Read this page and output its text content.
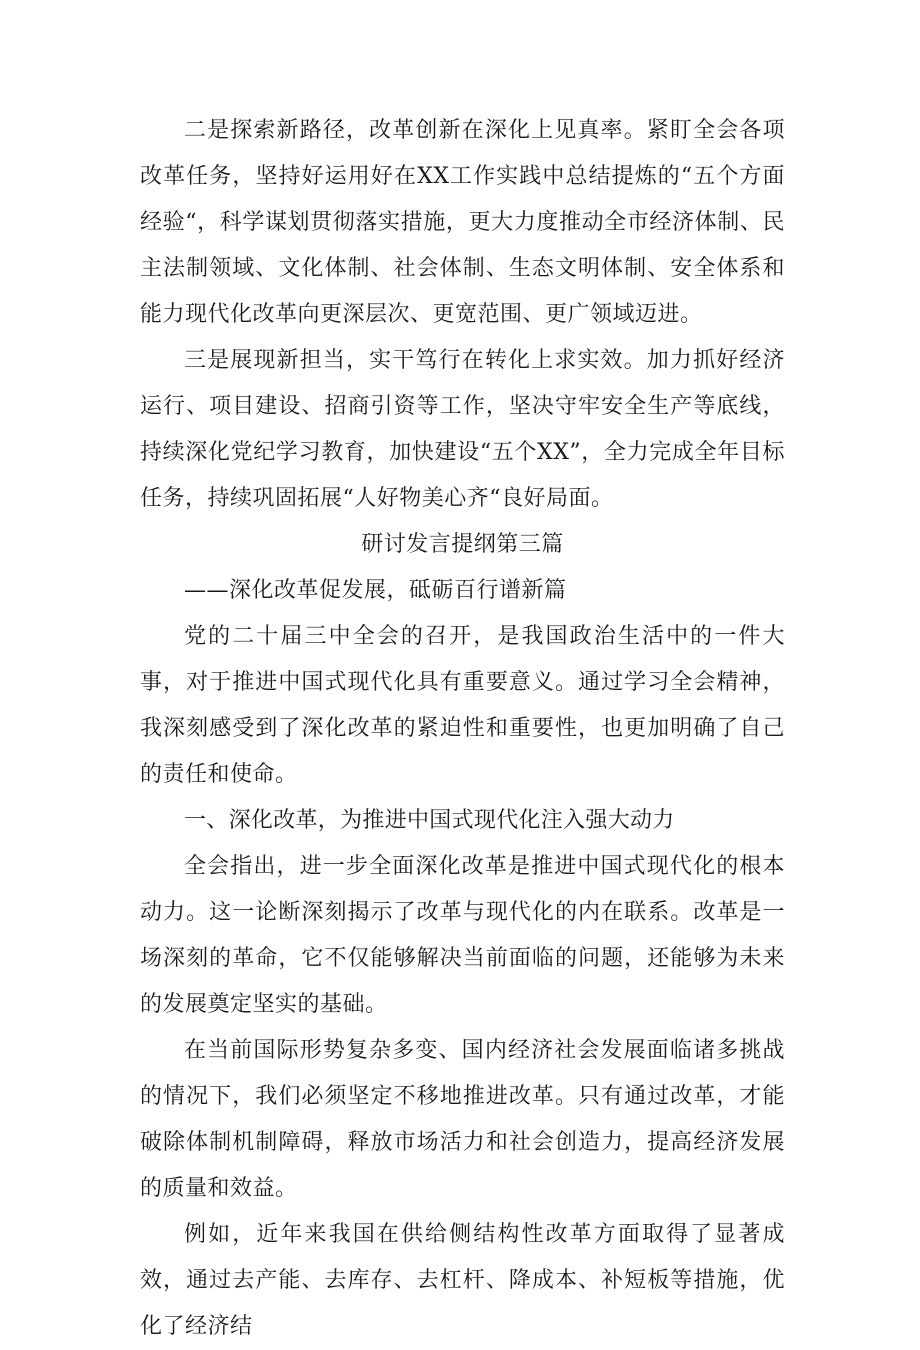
二是探索新路径，改革创新在深化上见真率。紧盯全会各项改革任务，坚持好运用好在XX工作实践中总结提炼的“五个方面经验“，科学谋划贯彻落实措施，更大力度推动全市经济体制、民主法制领域、文化体制、社会体制、生态文明体制、安全体系和能力现代化改革向更深层次、更宽范围、更广领域迈进。

三是展现新担当，实干笃行在转化上求实效。加力抓好经济运行、项目建设、招商引资等工作，坚决守牢安全生产等底线，持续深化党纪学习教育，加快建设“五个XX”，全力完成全年目标任务，持续巩固拓展“人好物美心齐“良好局面。

研讨发言提纲第三篇

——深化改革促发展，砥砺百行谱新篇

党的二十届三中全会的召开，是我国政治生活中的一件大事，对于推进中国式现代化具有重要意义。通过学习全会精神，我深刻感受到了深化改革的紧迫性和重要性，也更加明确了自己的责任和使命。

一、深化改革，为推进中国式现代化注入强大动力

全会指出，进一步全面深化改革是推进中国式现代化的根本动力。这一论断深刻揭示了改革与现代化的内在联系。改革是一场深刻的革命，它不仅能够解决当前面临的问题，还能够为未来的发展奠定坚实的基础。

在当前国际形势复杂多变、国内经济社会发展面临诸多挑战的情况下，我们必须坚定不移地推进改革。只有通过改革，才能破除体制机制障碍，释放市场活力和社会创造力，提高经济发展的质量和效益。

例如，近年来我国在供给侧结构性改革方面取得了显著成效，通过去产能、去库存、去杠杆、降成本、补短板等措施，优化了经济结
